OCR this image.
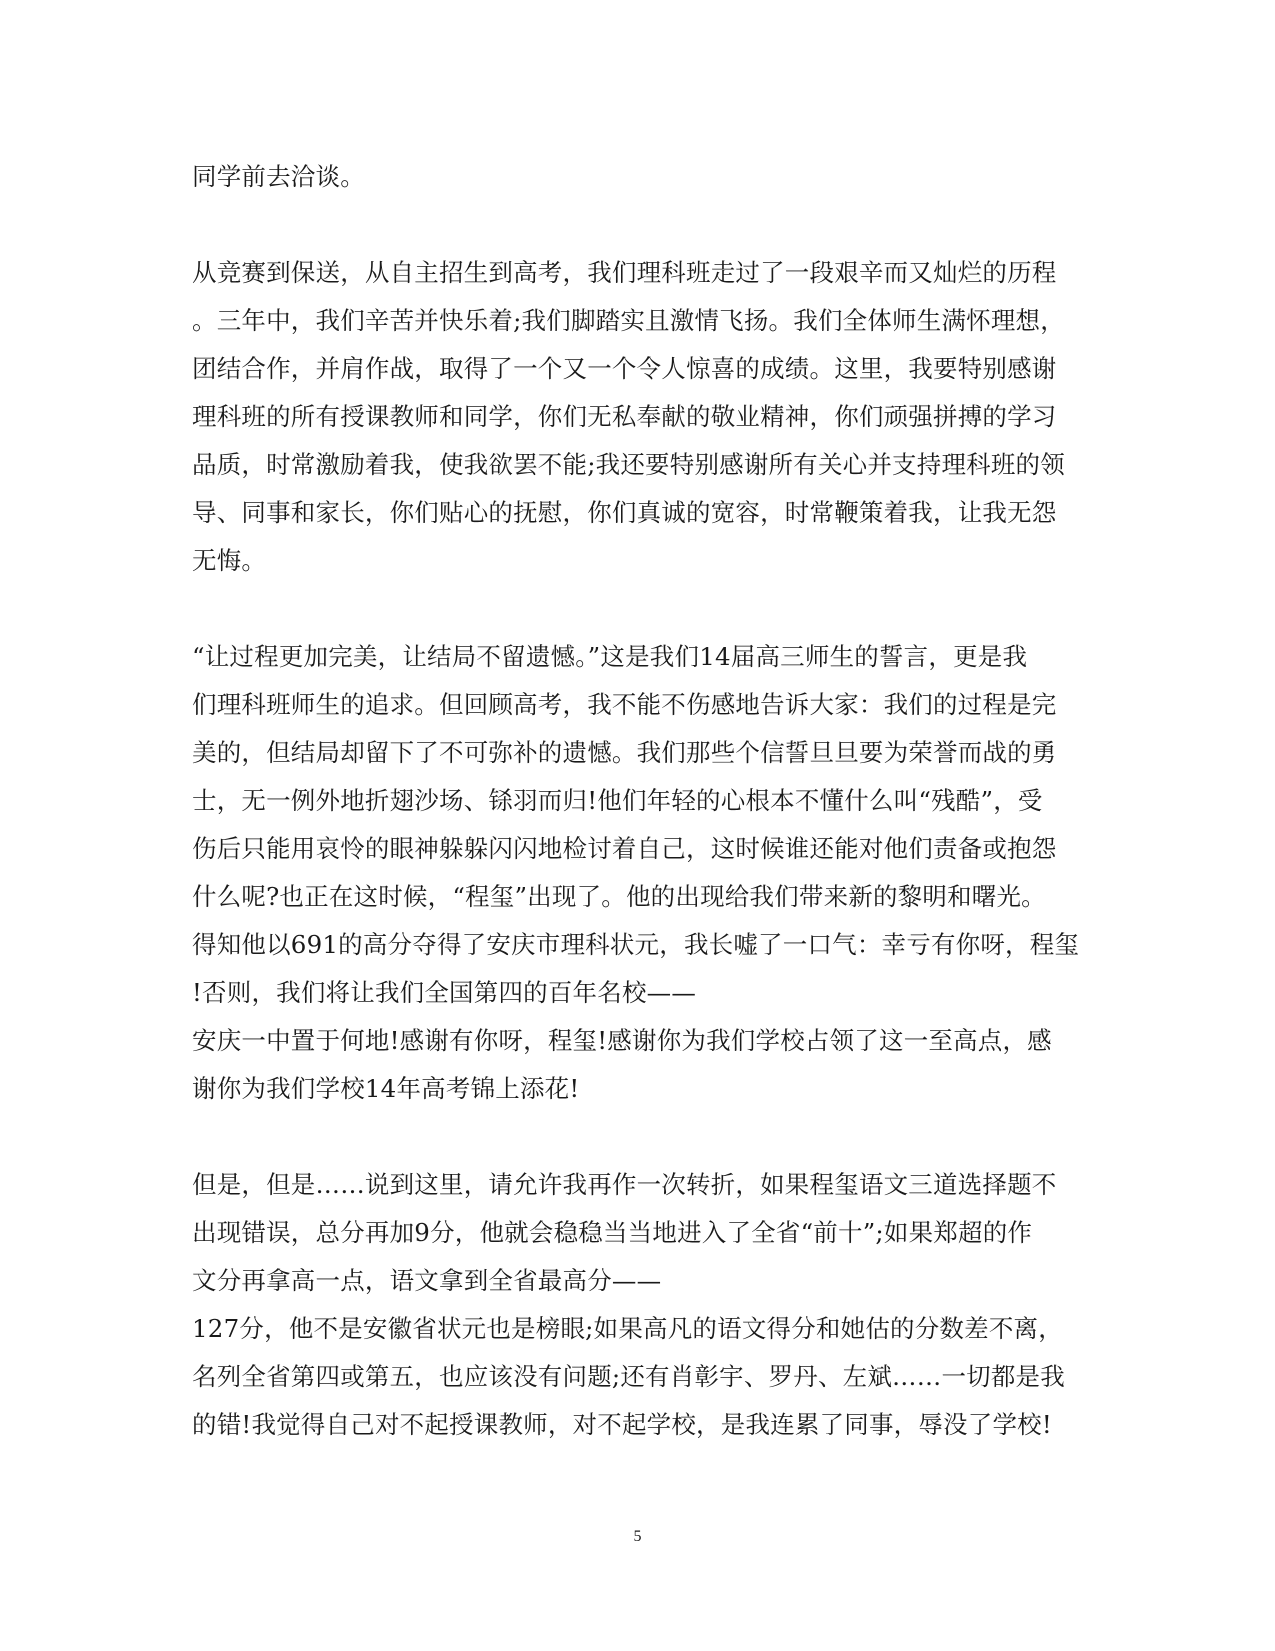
同学前去洽谈。
从竞赛到保送，从自主招生到高考，我们理科班走过了一段艰辛而又灿烂的历程
。三年中，我们辛苦并快乐着;我们脚踏实且激情飞扬。我们全体师生满怀理想，
团结合作，并肩作战，取得了一个又一个令人惊喜的成绩。这里，我要特别感谢
理科班的所有授课教师和同学，你们无私奉献的敬业精神，你们顽强拼搏的学习
品质，时常激励着我，使我欲罢不能;我还要特别感谢所有关心并支持理科班的领
导、同事和家长，你们贴心的抚慰，你们真诚的宽容，时常鞭策着我，让我无怨
无悔。
“让过程更加完美，让结局不留遗憾。”这是我们14届高三师生的誓言，更是我
们理科班师生的追求。但回顾高考，我不能不伤感地告诉大家：我们的过程是完
美的，但结局却留下了不可弥补的遗憾。我们那些个信誓旦旦要为荣誉而战的勇
士，无一例外地折翅沙场、铩羽而归!他们年轻的心根本不懂什么叫“残酷”，受
伤后只能用哀怜的眼神躲躲闪闪地检讨着自己，这时候谁还能对他们责备或抱怨
什么呢?也正在这时候，“程玺”出现了。他的出现给我们带来新的黎明和曙光。
得知他以691的高分夺得了安庆市理科状元，我长嘘了一口气：幸亏有你呀，程玺
!否则，我们将让我们全国第四的百年名校——
安庆一中置于何地!感谢有你呀，程玺!感谢你为我们学校占领了这一至高点，感
谢你为我们学校14年高考锦上添花!
但是，但是……说到这里，请允许我再作一次转折，如果程玺语文三道选择题不
出现错误，总分再加9分，他就会稳稳当当地进入了全省“前十”;如果郑超的作
文分再拿高一点，语文拿到全省最高分——
127分，他不是安徽省状元也是榜眼;如果高凡的语文得分和她估的分数差不离，
名列全省第四或第五，也应该没有问题;还有肖彰宇、罗丹、左斌……一切都是我
的错!我觉得自己对不起授课教师，对不起学校，是我连累了同事，辱没了学校!
5
